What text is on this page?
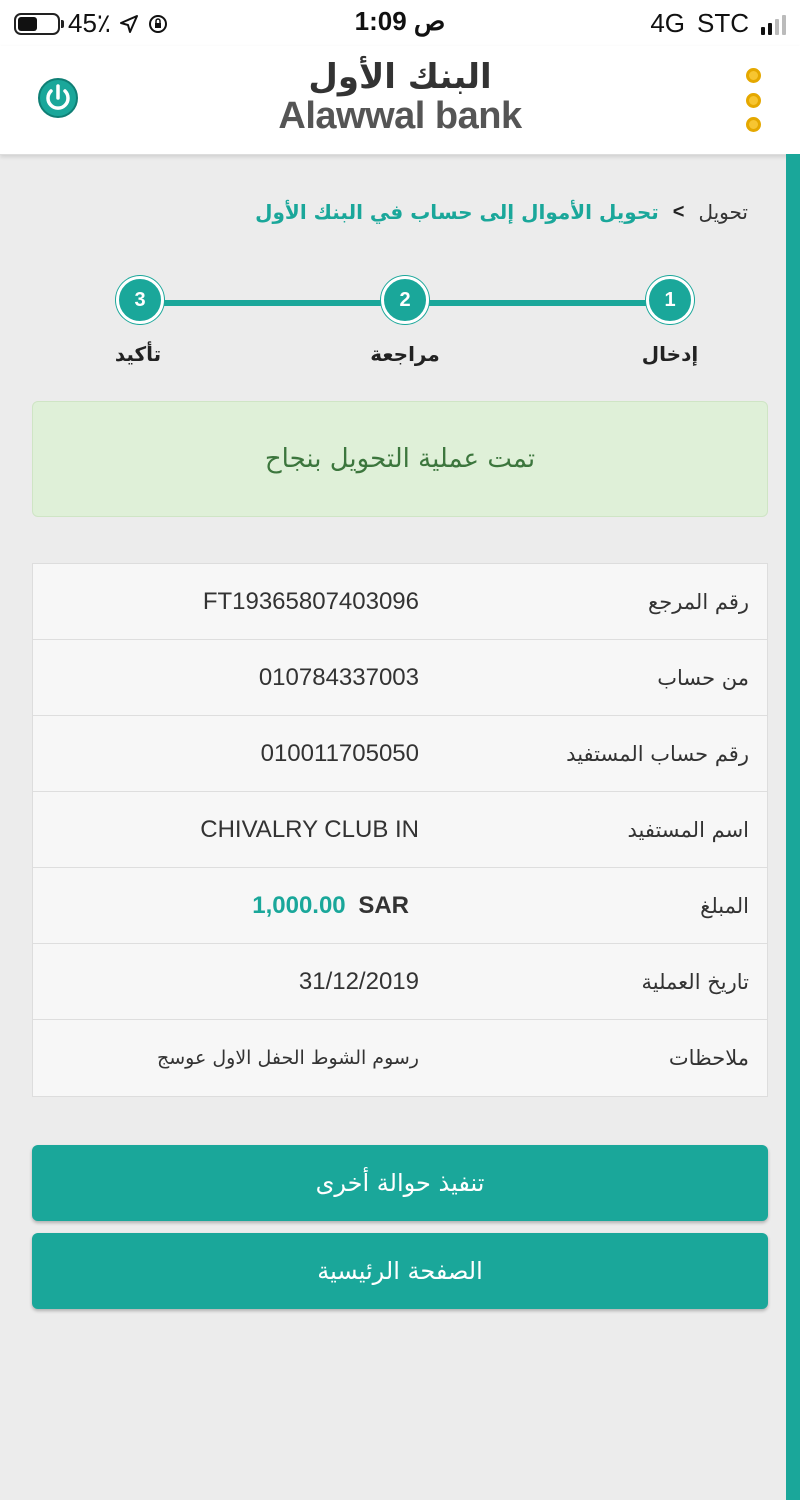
45٪	1:09 ص	4G STC
البنك الأول
Alawwal bank
تحويل
>
تحويل الأموال إلى حساب في البنك الأول
1
2
3
إدخال
مراجعة
تأكيد
تمت عملية التحويل بنجاح
رقم المرجع
FT19365807403096
من حساب
010784337003
رقم حساب المستفيد
010011705050
اسم المستفيد
CHIVALRY CLUB IN
المبلغ
1,000.00 SAR
تاريخ العملية
31/12/2019
ملاحظات
رسوم الشوط الحفل الاول عوسج
تنفيذ حوالة أخرى
الصفحة الرئيسية
